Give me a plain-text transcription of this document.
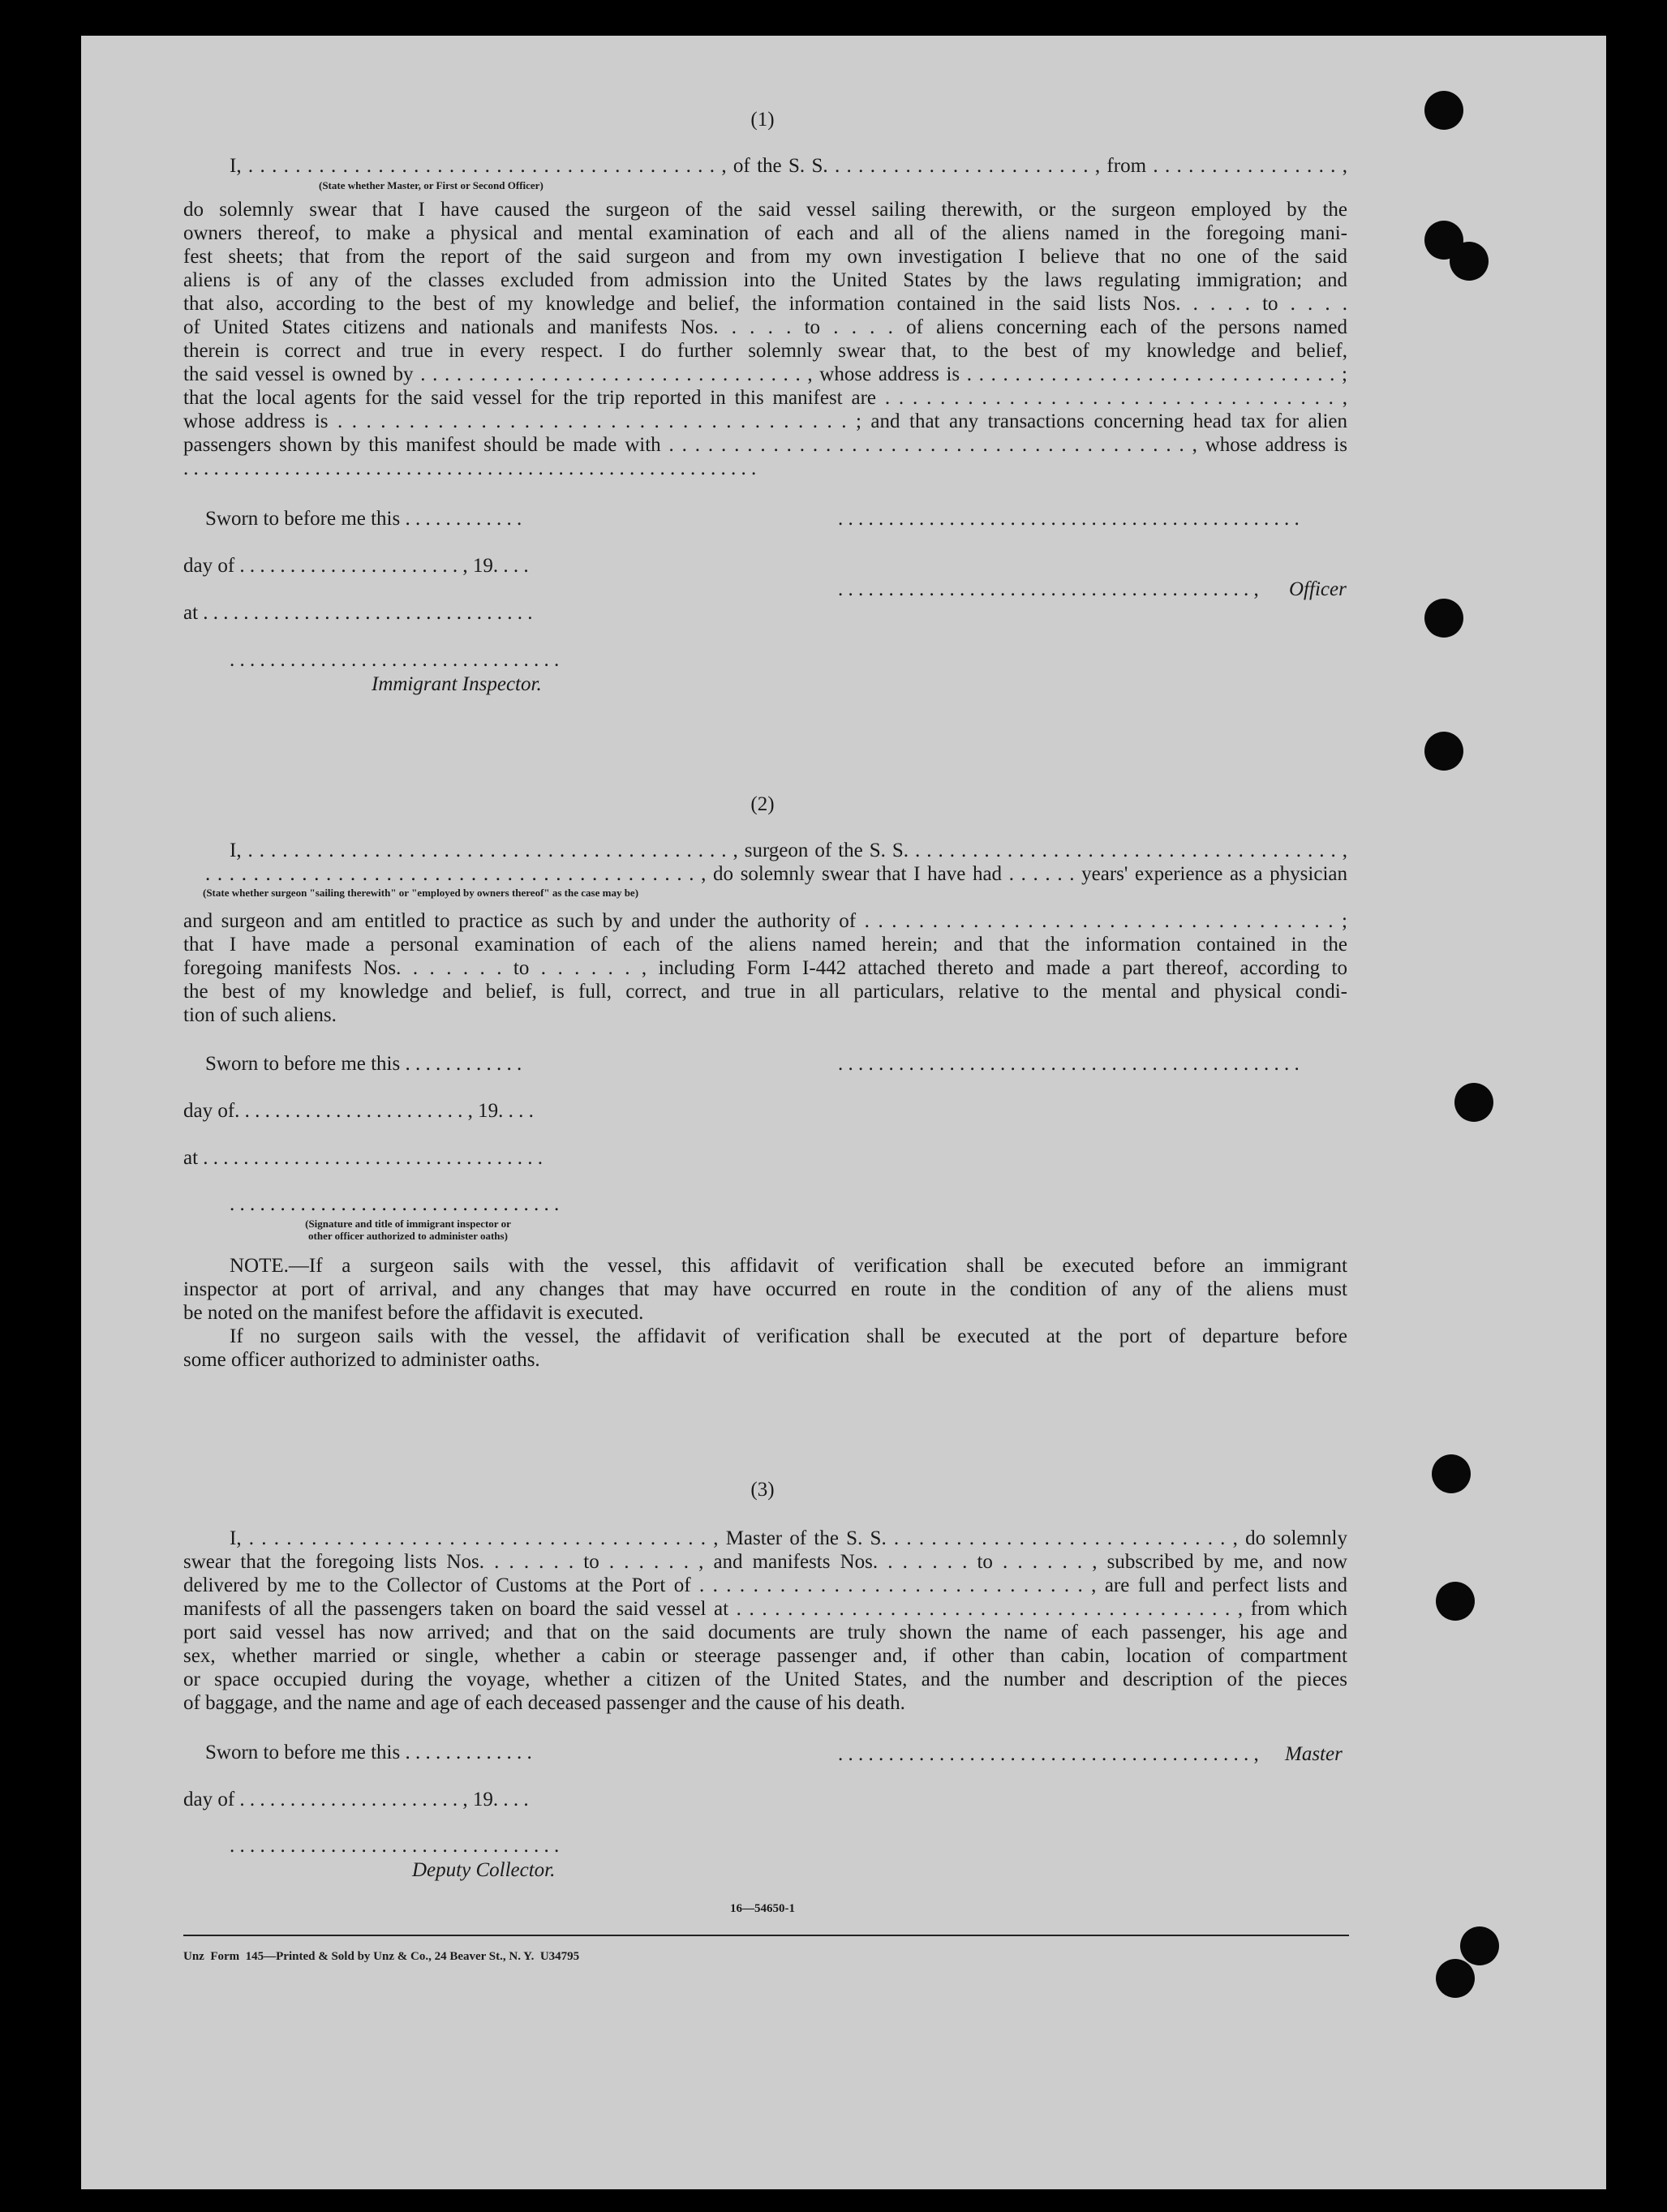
(1)
I, . . . . . . . . . . . . . . . . . . . . . . . . . . . . . . . . . . . . . . . . , of the S. S. . . . . . . . . . . . . . . . . . . . . . . , from . . . . . . . . . . . . . . . . ,
(State whether Master, or First or Second Officer)
do solemnly swear that I have caused the surgeon of the said vessel sailing therewith, or the surgeon employed by the
owners thereof, to make a physical and mental examination of each and all of the aliens named in the foregoing mani-
fest sheets; that from the report of the said surgeon and from my own investigation I believe that no one of the said
aliens is of any of the classes excluded from admission into the United States by the laws regulating immigration; and
that also, according to the best of my knowledge and belief, the information contained in the said lists Nos. . . . . to . . . .
of United States citizens and nationals and manifests Nos. . . . . to . . . . of aliens concerning each of the persons named
therein is correct and true in every respect. I do further solemnly swear that, to the best of my knowledge and belief,
the said vessel is owned by . . . . . . . . . . . . . . . . . . . . . . . . . . . . . . . . , whose address is . . . . . . . . . . . . . . . . . . . . . . . . . . . . . . . ;
that the local agents for the said vessel for the trip reported in this manifest are . . . . . . . . . . . . . . . . . . . . . . . . . . . . . . . . . ,
whose address is . . . . . . . . . . . . . . . . . . . . . . . . . . . . . . . . . . . . ; and that any transactions concerning head tax for alien
passengers shown by this manifest should be made with . . . . . . . . . . . . . . . . . . . . . . . . . . . . . . . . . . . . . . . . , whose address is
. . . . . . . . . . . . . . . . . . . . . . . . . . . . . . . . . . . . . . . . . . . . . . . . . . . . . . . . .
Sworn to before me this . . . . . . . . . . . .
day of . . . . . . . . . . . . . . . . . . . . . . , 19. . . .
at . . . . . . . . . . . . . . . . . . . . . . . . . . . . . . . . .
. . . . . . . . . . . . . . . . . . . . . . . . . . . . . . . . .
Immigrant Inspector.
. . . . . . . . . . . . . . . . . . . . . . . . . . . . . . . . . . . . . . . . . . . . . .
. . . . . . . . . . . . . . . . . . . . . . . . . . . . . . . . . . . . . . . . . , Officer
(2)
I, . . . . . . . . . . . . . . . . . . . . . . . . . . . . . . . . . . . . . . . . . . , surgeon of the S. S. . . . . . . . . . . . . . . . . . . . . . . . . . . . . . . . . . . . . . ,
. . . . . . . . . . . . . . . . . . . . . . . . . . . . . . . . . . . . . . . . . , do solemnly swear that I have had . . . . . . years' experience as a physician
(State whether surgeon "sailing therewith" or "employed by owners thereof" as the case may be)
and surgeon and am entitled to practice as such by and under the authority of . . . . . . . . . . . . . . . . . . . . . . . . . . . . . . . . . . . ;
that I have made a personal examination of each of the aliens named herein; and that the information contained in the
foregoing manifests Nos. . . . . . . to . . . . . . , including Form I-442 attached thereto and made a part thereof, according to
the best of my knowledge and belief, is full, correct, and true in all particulars, relative to the mental and physical condi-
tion of such aliens.
Sworn to before me this . . . . . . . . . . . .
day of. . . . . . . . . . . . . . . . . . . . . . . , 19. . . .
at . . . . . . . . . . . . . . . . . . . . . . . . . . . . . . . . . .
. . . . . . . . . . . . . . . . . . . . . . . . . . . . . . . . .
(Signature and title of immigrant inspector or
other officer authorized to administer oaths)
. . . . . . . . . . . . . . . . . . . . . . . . . . . . . . . . . . . . . . . . . . . . . .
NOTE.—If a surgeon sails with the vessel, this affidavit of verification shall be executed before an immigrant
inspector at port of arrival, and any changes that may have occurred en route in the condition of any of the aliens must
be noted on the manifest before the affidavit is executed.
If no surgeon sails with the vessel, the affidavit of verification shall be executed at the port of departure before
some officer authorized to administer oaths.
(3)
I, . . . . . . . . . . . . . . . . . . . . . . . . . . . . . . . . . . . . . , Master of the S. S. . . . . . . . . . . . . . . . . . . . . . . . . . . . , do solemnly
swear that the foregoing lists Nos. . . . . . . to . . . . . . , and manifests Nos. . . . . . . to . . . . . . , subscribed by me, and now
delivered by me to the Collector of Customs at the Port of . . . . . . . . . . . . . . . . . . . . . . . . . . . . . , are full and perfect lists and
manifests of all the passengers taken on board the said vessel at . . . . . . . . . . . . . . . . . . . . . . . . . . . . . . . . . . . . . . . , from which
port said vessel has now arrived; and that on the said documents are truly shown the name of each passenger, his age and
sex, whether married or single, whether a cabin or steerage passenger and, if other than cabin, location of compartment
or space occupied during the voyage, whether a citizen of the United States, and the number and description of the pieces
of baggage, and the name and age of each deceased passenger and the cause of his death.
Sworn to before me this . . . . . . . . . . . . .
day of . . . . . . . . . . . . . . . . . . . . . . , 19. . . .
. . . . . . . . . . . . . . . . . . . . . . . . . . . . . . . . .
Deputy Collector.
. . . . . . . . . . . . . . . . . . . . . . . . . . . . . . . . . . . . . . . . . , Master
16—54650-1
Unz  Form  145—Printed & Sold by Unz & Co., 24 Beaver St., N. Y.  U34795
